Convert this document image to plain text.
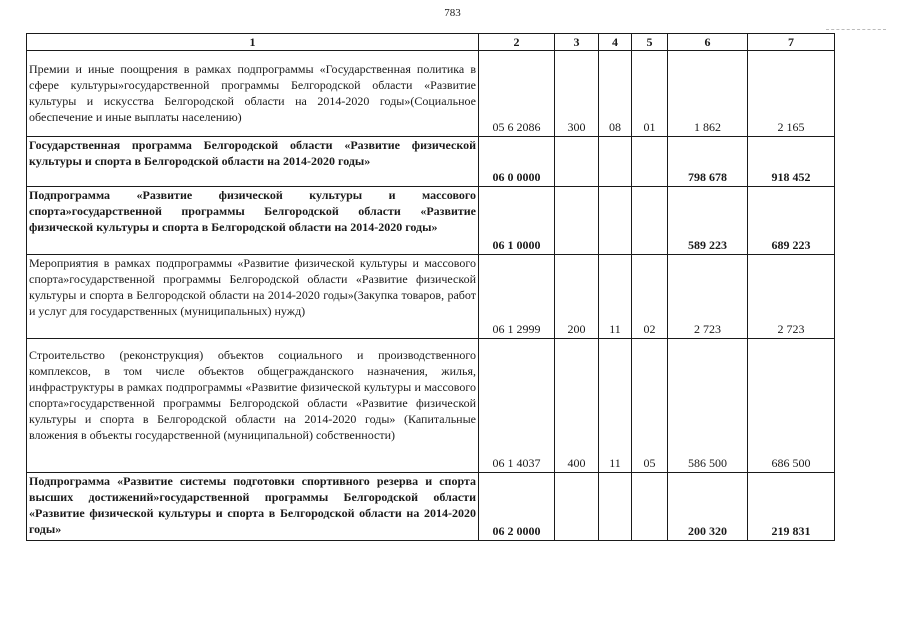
783
1	2	3	4	5	6	7
Премии и иные поощрения в рамках подпрограммы «Государственная политика в сфере культуры»государственной программы Белгородской области «Развитие культуры и искусства Белгородской области на 2014-2020 годы»(Социальное обеспечение и иные выплаты населению)	05 6 2086	300	08	01	1 862	2 165
Государственная программа Белгородской области «Развитие физической культуры и спорта в Белгородской области на 2014-2020 годы»	06 0 0000				798 678	918 452
Подпрограмма «Развитие физической культуры и массового спорта»государственной программы Белгородской области «Развитие физической культуры и спорта в Белгородской области на 2014-2020 годы»	06 1 0000				589 223	689 223
Мероприятия в рамках подпрограммы «Развитие физической культуры и массового спорта»государственной программы Белгородской области «Развитие физической культуры и спорта в Белгородской области на 2014-2020 годы»(Закупка товаров, работ и услуг для государственных (муниципальных) нужд)	06 1 2999	200	11	02	2 723	2 723
Строительство (реконструкция) объектов социального и производственного комплексов, в том числе объектов общегражданского назначения, жилья, инфраструктуры в рамках подпрограммы «Развитие физической культуры и массового спорта»государственной программы Белгородской области «Развитие физической культуры и спорта в Белгородской области на 2014-2020 годы» (Капитальные вложения в объекты государственной (муниципальной) собственности)	06 1 4037	400	11	05	586 500	686 500
Подпрограмма «Развитие системы подготовки спортивного резерва и спорта высших достижений»государственной программы Белгородской области «Развитие физической культуры и спорта в Белгородской области на 2014-2020 годы»	06 2 0000				200 320	219 831
